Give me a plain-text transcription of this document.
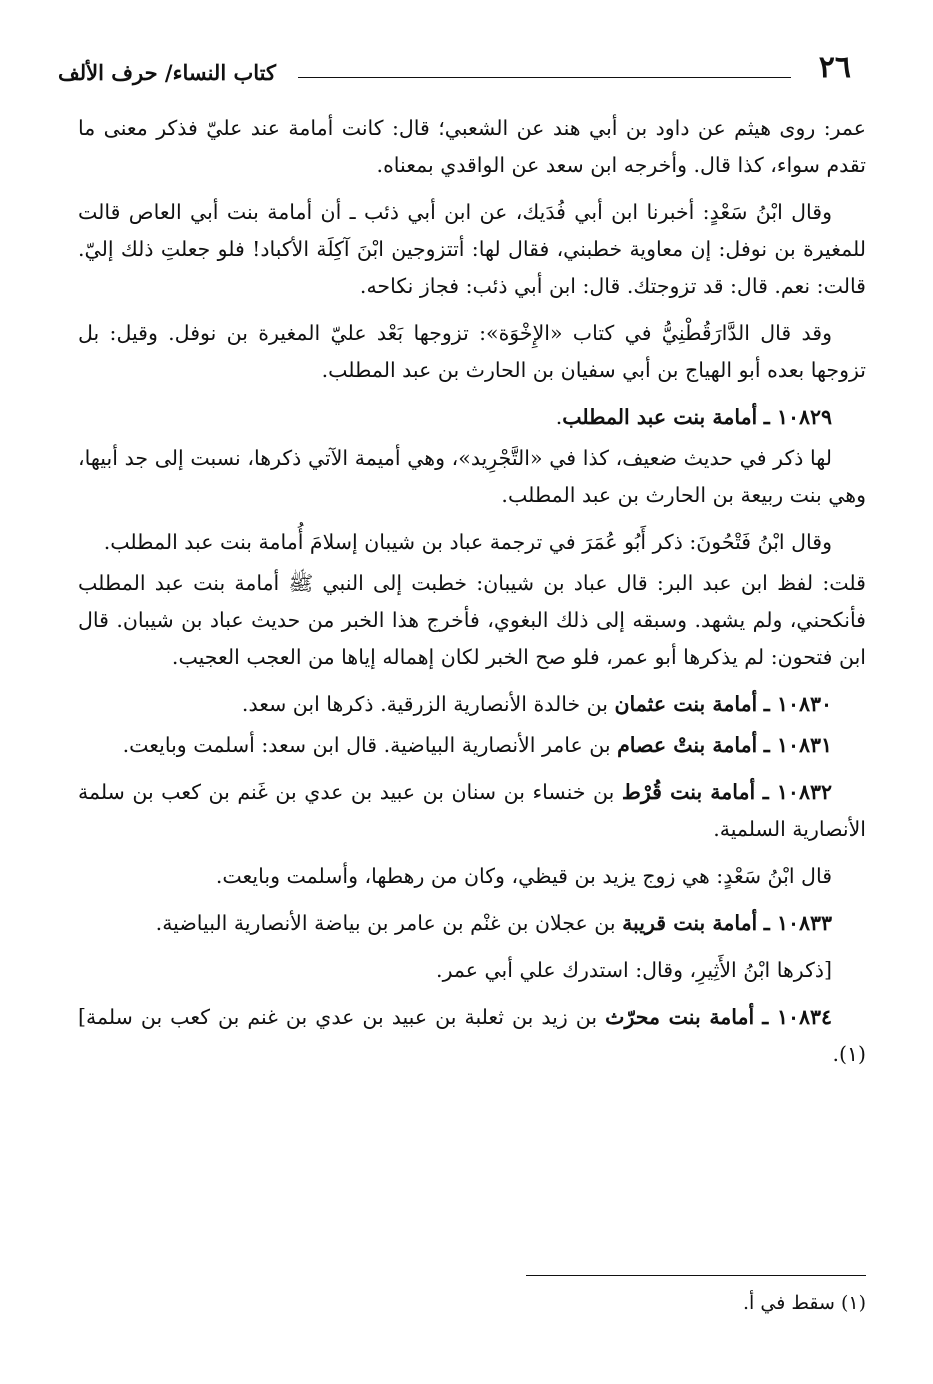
٢٦
كتاب النساء/ حرف الألف

عمر: روى هيثم عن داود بن أبي هند عن الشعبي؛ قال: كانت أمامة عند عليّ فذكر معنى ما تقدم سواء، كذا قال. وأخرجه ابن سعد عن الواقدي بمعناه.

وقال ابْنُ سَعْدٍ: أخبرنا ابن أبي فُدَيك، عن ابن أبي ذئب ـ أن أمامة بنت أبي العاص قالت للمغيرة بن نوفل: إن معاوية خطبني، فقال لها: أتتزوجين ابْنَ آكِلَة الأكباد! فلو جعلتِ ذلك إليّ. قالت: نعم. قال: قد تزوجتك. قال: ابن أبي ذئب: فجاز نكاحه.

وقد قال الدَّارَقُطْنِيُّ في كتاب «الإِخْوَة»: تزوجها بَعْد عليّ المغيرة بن نوفل. وقيل: بل تزوجها بعده أبو الهياج بن أبي سفيان بن الحارث بن عبد المطلب.

١٠٨٢٩ ـ أمامة بنت عبد المطلب.

لها ذكر في حديث ضعيف، كذا في «التَّجْرِيد»، وهي أميمة الآتي ذكرها، نسبت إلى جد أبيها، وهي بنت ربيعة بن الحارث بن عبد المطلب.

وقال ابْنُ فَتْحُونَ: ذكر أَبُو عُمَرَ في ترجمة عباد بن شيبان إسلامَ أُمامة بنت عبد المطلب.

قلت: لفظ ابن عبد البر: قال عباد بن شيبان: خطبت إلى النبي ﷺ أمامة بنت عبد المطلب فأنكحني، ولم يشهد. وسبقه إلى ذلك البغوي، فأخرج هذا الخبر من حديث عباد بن شيبان. قال ابن فتحون: لم يذكرها أبو عمر، فلو صح الخبر لكان إهماله إياها من العجب العجيب.

١٠٨٣٠ ـ أمامة بنت عثمان بن خالدة الأنصارية الزرقية. ذكرها ابن سعد.

١٠٨٣١ ـ أمامة بنتْ عصام بن عامر الأنصارية البياضية. قال ابن سعد: أسلمت وبايعت.

١٠٨٣٢ ـ أمامة بنت قُرْط بن خنساء بن سنان بن عبيد بن عدي بن غَنم بن كعب بن سلمة الأنصارية السلمية.

قال ابْنُ سَعْدٍ: هي زوج يزيد بن قيظي، وكان من رهطها، وأسلمت وبايعت.

١٠٨٣٣ ـ أمامة بنت قريبة بن عجلان بن غنْم بن عامر بن بياضة الأنصارية البياضية.

[ذكرها ابْنُ الأَثِيرِ، وقال: استدرك علي أبي عمر.

١٠٨٣٤ ـ أمامة بنت محرّث بن زيد بن ثعلبة بن عبيد بن عدي بن غنم بن كعب بن سلمة](١).

(١) سقط في أ.
